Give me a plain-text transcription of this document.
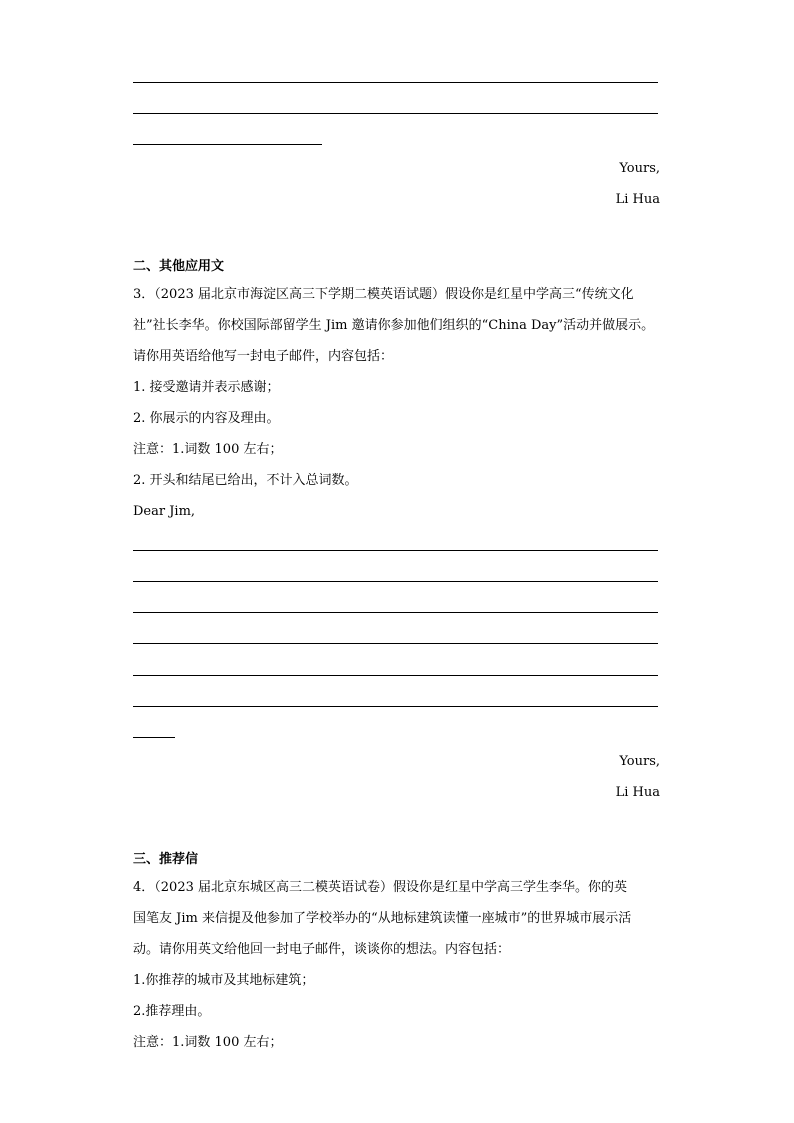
Yours,
Li Hua
二、其他应用文
3．（2023 届北京市海淀区高三下学期二模英语试题）假设你是红星中学高三“传统文化
社”社长李华。你校国际部留学生 Jim 邀请你参加他们组织的“China Day”活动并做展示。
请你用英语给他写一封电子邮件，内容包括：
1. 接受邀请并表示感谢；
2. 你展示的内容及理由。
注意：1.词数 100 左右；
2. 开头和结尾已给出，不计入总词数。
Dear Jim,
Yours,
Li Hua
三、推荐信
4．（2023 届北京东城区高三二模英语试卷）假设你是红星中学高三学生李华。你的英
国笔友 Jim 来信提及他参加了学校举办的“从地标建筑读懂一座城市”的世界城市展示活
动。请你用英文给他回一封电子邮件，谈谈你的想法。内容包括：
1.你推荐的城市及其地标建筑；
2.推荐理由。
注意：1.词数 100 左右；
